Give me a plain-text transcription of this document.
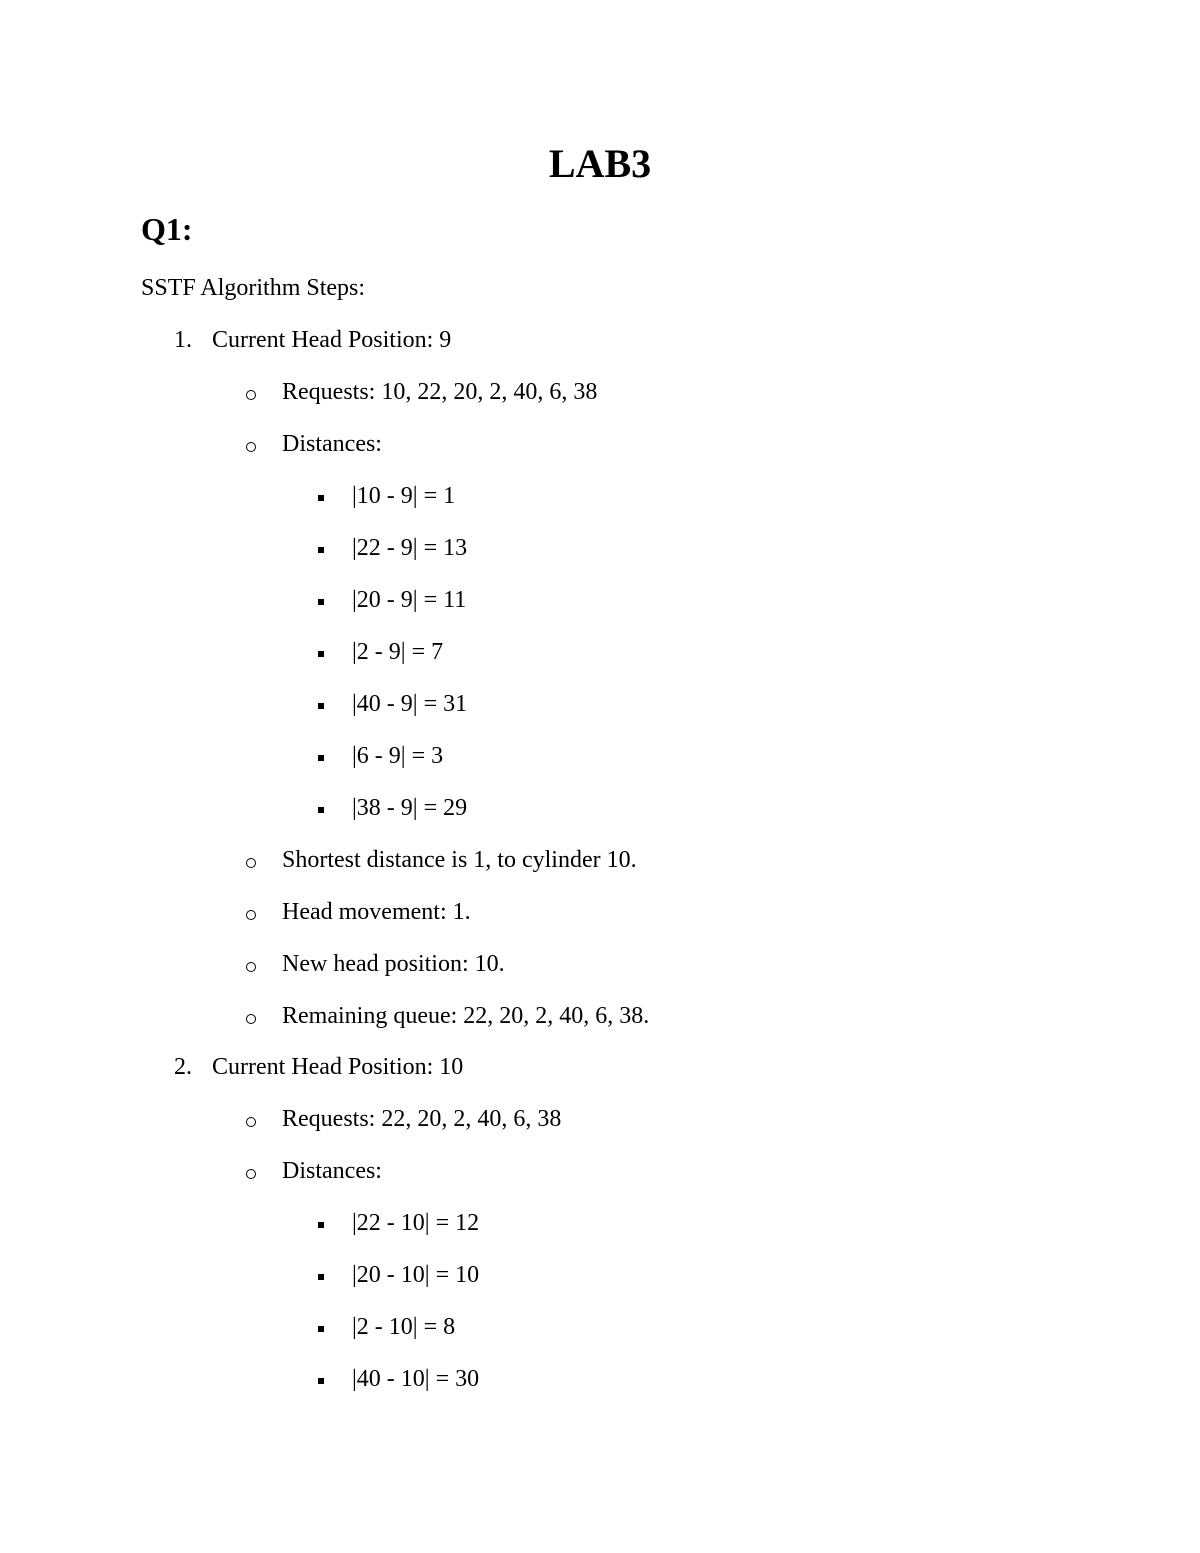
LAB3
Q1:
SSTF Algorithm Steps:
1. Current Head Position: 9
Requests: 10, 22, 20, 2, 40, 6, 38
Distances:
|10 - 9| = 1
|22 - 9| = 13
|20 - 9| = 11
|2 - 9| = 7
|40 - 9| = 31
|6 - 9| = 3
|38 - 9| = 29
Shortest distance is 1, to cylinder 10.
Head movement: 1.
New head position: 10.
Remaining queue: 22, 20, 2, 40, 6, 38.
2. Current Head Position: 10
Requests: 22, 20, 2, 40, 6, 38
Distances:
|22 - 10| = 12
|20 - 10| = 10
|2 - 10| = 8
|40 - 10| = 30
